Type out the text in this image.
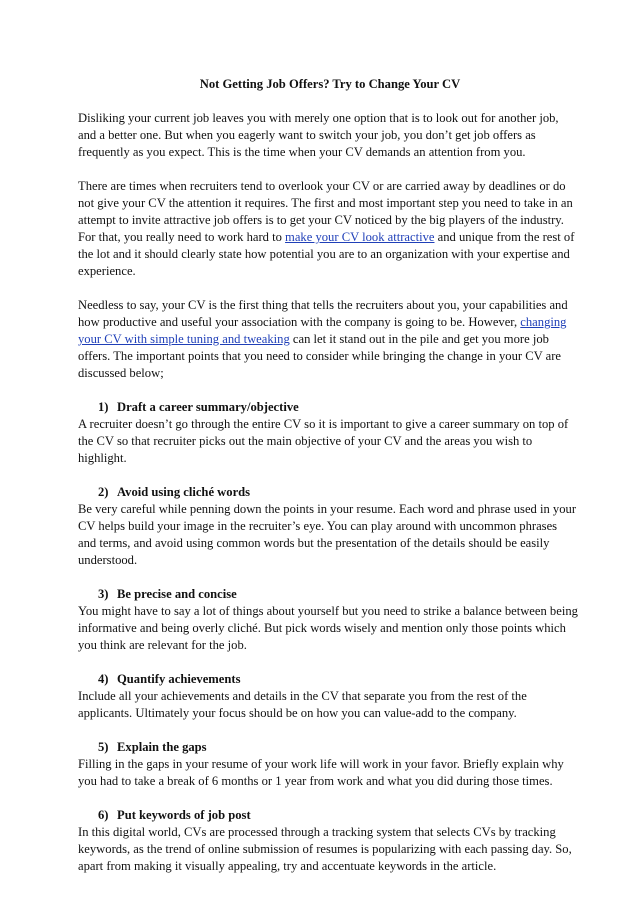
Not Getting Job Offers? Try to Change Your CV

Disliking your current job leaves you with merely one option that is to look out for another job, and a better one. But when you eagerly want to switch your job, you don’t get job offers as frequently as you expect. This is the time when your CV demands an attention from you.

There are times when recruiters tend to overlook your CV or are carried away by deadlines or do not give your CV the attention it requires. The first and most important step you need to take in an attempt to invite attractive job offers is to get your CV noticed by the big players of the industry. For that, you really need to work hard to make your CV look attractive and unique from the rest of the lot and it should clearly state how potential you are to an organization with your expertise and experience.

Needless to say, your CV is the first thing that tells the recruiters about you, your capabilities and how productive and useful your association with the company is going to be. However, changing your CV with simple tuning and tweaking can let it stand out in the pile and get you more job offers. The important points that you need to consider while bringing the change in your CV are discussed below;

1) Draft a career summary/objective
A recruiter doesn’t go through the entire CV so it is important to give a career summary on top of the CV so that recruiter picks out the main objective of your CV and the areas you wish to highlight.
2) Avoid using cliché words
Be very careful while penning down the points in your resume. Each word and phrase used in your CV helps build your image in the recruiter’s eye. You can play around with uncommon phrases and terms, and avoid using common words but the presentation of the details should be easily understood.
3) Be precise and concise
You might have to say a lot of things about yourself but you need to strike a balance between being informative and being overly cliché. But pick words wisely and mention only those points which you think are relevant for the job.
4) Quantify achievements
Include all your achievements and details in the CV that separate you from the rest of the applicants. Ultimately your focus should be on how you can value-add to the company.
5) Explain the gaps
Filling in the gaps in your resume of your work life will work in your favor. Briefly explain why you had to take a break of 6 months or 1 year from work and what you did during those times.
6) Put keywords of job post
In this digital world, CVs are processed through a tracking system that selects CVs by tracking keywords, as the trend of online submission of resumes is popularizing with each passing day. So, apart from making it visually appealing, try and accentuate keywords in the article.
